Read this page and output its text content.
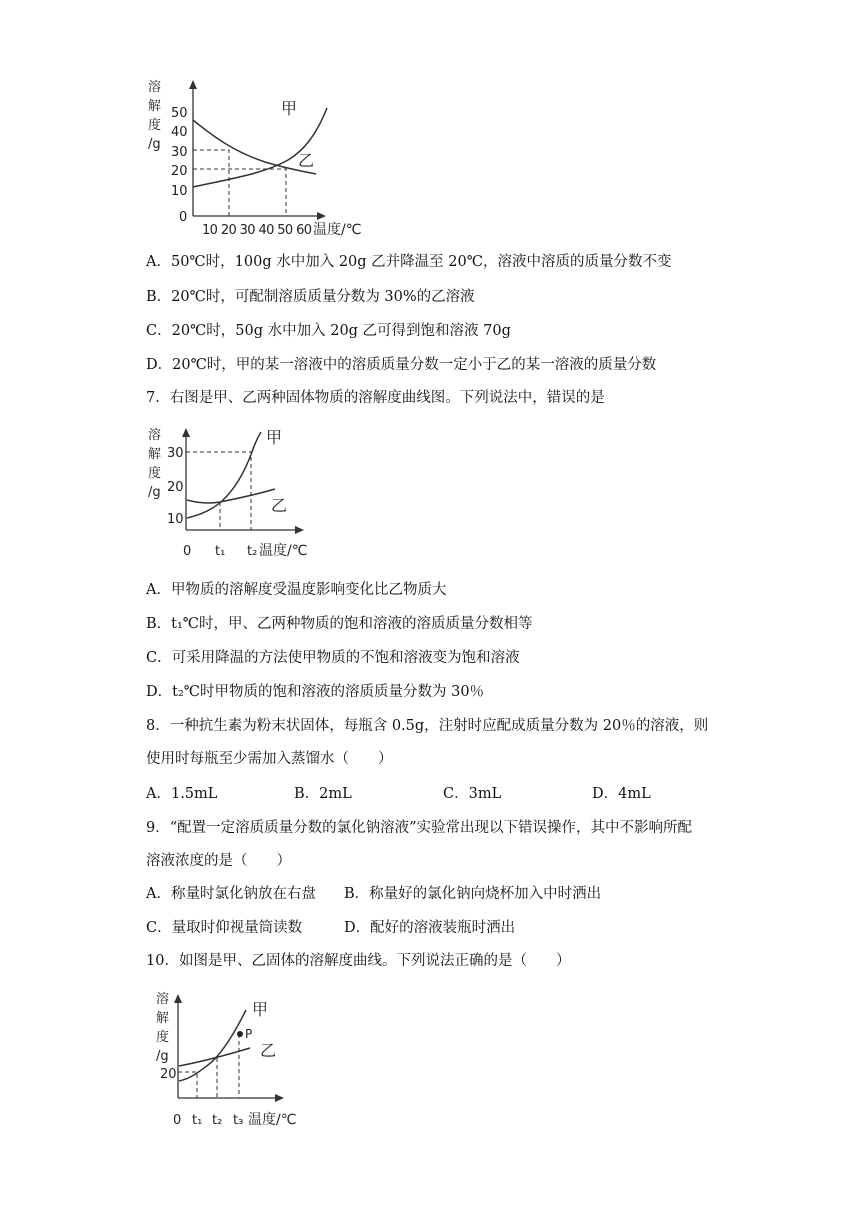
溶
解
度
/g
50
40
30
20
10
0
甲
乙
10 20 30 40 50 60 温度/℃
A．50℃时，100g 水中加入 20g 乙并降温至 20℃，溶液中溶质的质量分数不变
B．20℃时，可配制溶质质量分数为 30%的乙溶液
C．20℃时，50g 水中加入 20g 乙可得到饱和溶液 70g
D．20℃时，甲的某一溶液中的溶质质量分数一定小于乙的某一溶液的质量分数
7．右图是甲、乙两种固体物质的溶解度曲线图。下列说法中，错误的是
溶
解
度
/g
30
20
10
甲
乙
0 t₁ t₂ 温度/℃
A．甲物质的溶解度受温度影响变化比乙物质大
B．t₁℃时，甲、乙两种物质的饱和溶液的溶质质量分数相等
C．可采用降温的方法使甲物质的不饱和溶液变为饱和溶液
D．t₂℃时甲物质的饱和溶液的溶质质量分数为 30％
8．一种抗生素为粉末状固体，每瓶含 0.5g，注射时应配成质量分数为 20％的溶液，则
使用时每瓶至少需加入蒸馏水（　　）
A．1.5mL	B．2mL	C．3mL	D．4mL
9．“配置一定溶质质量分数的氯化钠溶液”实验常出现以下错误操作，其中不影响所配
溶液浓度的是（　　）
A．称量时氯化钠放在右盘 B．称量好的氯化钠向烧杯加入中时洒出
C．量取时仰视量筒读数	D．配好的溶液装瓶时洒出
10．如图是甲、乙固体的溶解度曲线。下列说法正确的是（　　）
溶
解
度
/g
20
P
甲
乙
0 t₁ t₂ t₃ 温度/℃
